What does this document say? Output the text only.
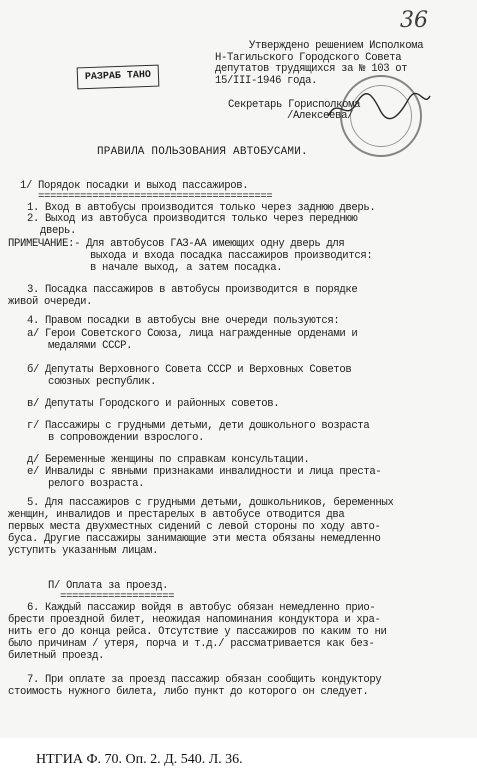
36
РАЗРАБ ТАНО
Утверждено решением Исполкома
Н-Тагильского Городского Совета
депутатов трудящихся за № 103 от
15/III-1946 года.
Секретарь Горисполкома
/Алексеева/
ПРАВИЛА ПОЛЬЗОВАНИЯ АВТОБУСАМИ.
1/ Порядок посадки и выход пассажиров.
=======================================
1. Вход в автобусы производится только через заднюю дверь.
2. Выход из автобуса производится только через переднюю
дверь.
ПРИМЕЧАНИЕ:- Для автобусов ГАЗ-АА имеющих одну дверь для
выхода и входа посадка пассажиров производится:
в начале выход, а затем посадка.
3. Посадка пассажиров в автобусы производится в порядке
живой очереди.
4. Правом посадки в автобусы вне очереди пользуются:
а/ Герои Советского Союза, лица награжденные орденами и
медалями СССР.
б/ Депутаты Верховного Совета СССР и Верховных Советов
союзных республик.
в/ Депутаты Городского и районных советов.
г/ Пассажиры с грудными детьми, дети дошкольного возраста
в сопровождении взрослого.
д/ Беременные женщины по справкам консультации.
е/ Инвалиды с явными признаками инвалидности и лица преста-
релого возраста.
5. Для пассажиров с грудными детьми, дошкольников, беременных
женщин, инвалидов и престарелых в автобусе отводится два
первых места двухместных сидений с левой стороны по ходу авто-
буса. Другие пассажиры занимающие эти места обязаны немедленно
уступить указанным лицам.
П/ Оплата за проезд.
===================
6. Каждый пассажир войдя в автобус обязан немедленно прио-
брести проездной билет, неожидая напоминания кондуктора и хра-
нить его до конца рейса. Отсутствие у пассажиров по каким то ни
было причинам / утеря, порча и т.д./ рассматривается как без-
билетный проезд.
7. При оплате за проезд пассажир обязан сообщить кондуктору
стоимость нужного билета, либо пункт до которого он следует.
НТГИА Ф. 70. Оп. 2. Д. 540. Л. 36.
